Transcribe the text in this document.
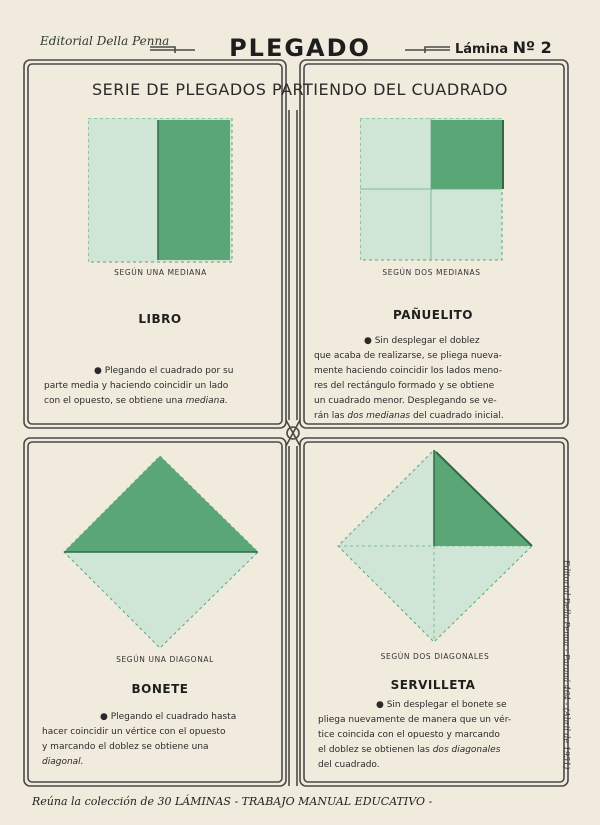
Editorial Della Penna	PLEGADO	Lámina Nº 2
SERIE DE PLEGADOS PARTIENDO DEL CUADRADO
SEGÚN UNA MEDIANA
LIBRO
● Plegando el cuadrado por su
parte media y haciendo coincidir un lado
con el opuesto, se obtiene una mediana.
SEGÚN DOS MEDIANAS
PAÑUELITO
● Sin desplegar el doblez
que acaba de realizarse, se pliega nueva-
mente haciendo coincidir los lados meno-
res del rectángulo formado y se obtiene
un cuadrado menor. Desplegando se ve-
rán las dos medianas del cuadrado inicial.
SEGÚN UNA DIAGONAL
BONETE
● Plegando el cuadrado hasta
hacer coincidir un vértice con el opuesto
y marcando el doblez se obtiene una
diagonal.
SEGÚN DOS DIAGONALES
SERVILLETA
● Sin desplegar el bonete se
pliega nuevamente de manera que un vér-
tice coincida con el opuesto y marcando
el doblez se obtienen las dos diagonales
del cuadrado.	Editorial Della Penna - Paraná 464 - (Abril de 1951)
Reúna la colección de 30 LÁMINAS - TRABAJO MANUAL EDUCATIVO -
